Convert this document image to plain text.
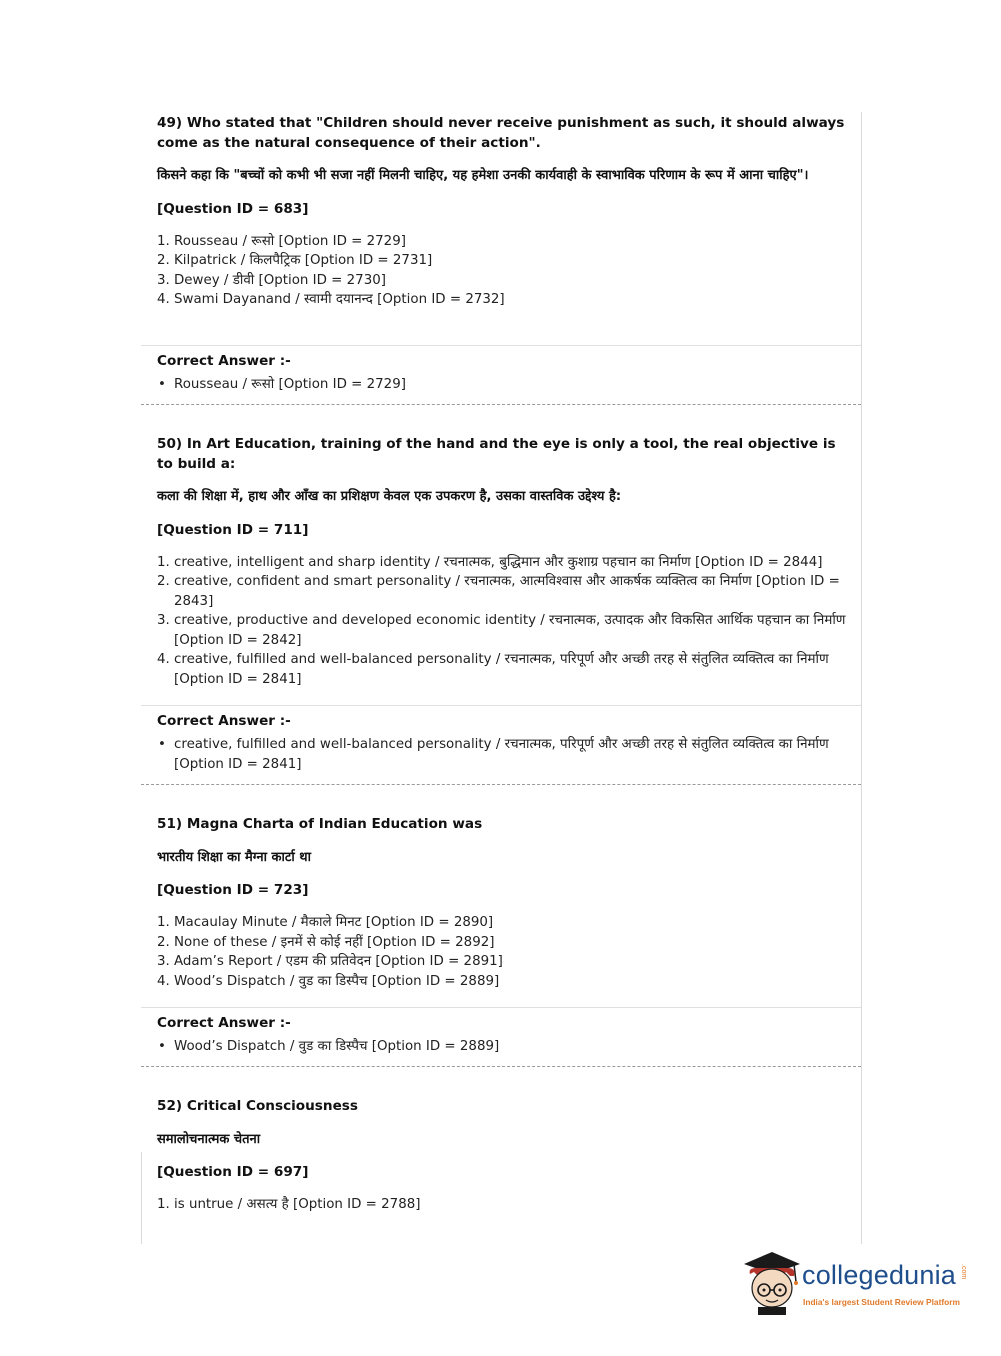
49) Who stated that "Children should never receive punishment as such, it should always come as the natural consequence of their action".
किसने कहा कि "बच्चों को कभी भी सजा नहीं मिलनी चाहिए, यह हमेशा उनकी कार्यवाही के स्वाभाविक परिणाम के रूप में आना चाहिए"।
[Question ID = 683]
1. Rousseau / रूसो [Option ID = 2729]
2. Kilpatrick / किलपैट्रिक [Option ID = 2731]
3. Dewey / डीवी [Option ID = 2730]
4. Swami Dayanand / स्वामी दयानन्द [Option ID = 2732]
Correct Answer :-
• Rousseau / रूसो [Option ID = 2729]
50) In Art Education, training of the hand and the eye is only a tool, the real objective is to build a:
कला की शिक्षा में, हाथ और आँख का प्रशिक्षण केवल एक उपकरण है, उसका वास्तविक उद्देश्य है:
[Question ID = 711]
1. creative, intelligent and sharp identity / रचनात्मक, बुद्धिमान और कुशाग्र पहचान का निर्माण [Option ID = 2844]
2. creative, confident and smart personality / रचनात्मक, आत्मविश्वास और आकर्षक व्यक्तित्व का निर्माण [Option ID = 2843]
3. creative, productive and developed economic identity / रचनात्मक, उत्पादक और विकसित आर्थिक पहचान का निर्माण [Option ID = 2842]
4. creative, fulfilled and well-balanced personality / रचनात्मक, परिपूर्ण और अच्छी तरह से संतुलित व्यक्तित्व का निर्माण [Option ID = 2841]
Correct Answer :-
• creative, fulfilled and well-balanced personality / रचनात्मक, परिपूर्ण और अच्छी तरह से संतुलित व्यक्तित्व का निर्माण [Option ID = 2841]
51) Magna Charta of Indian Education was
भारतीय शिक्षा का मैग्ना कार्टा था
[Question ID = 723]
1. Macaulay Minute / मैकाले मिनट [Option ID = 2890]
2. None of these / इनमें से कोई नहीं [Option ID = 2892]
3. Adam’s Report / एडम की प्रतिवेदन [Option ID = 2891]
4. Wood’s Dispatch / वुड का डिस्पैच [Option ID = 2889]
Correct Answer :-
• Wood’s Dispatch / वुड का डिस्पैच [Option ID = 2889]
52) Critical Consciousness
समालोचनात्मक चेतना
[Question ID = 697]
1. is untrue / असत्य है [Option ID = 2788]
collegedunia .com
India's largest Student Review Platform
